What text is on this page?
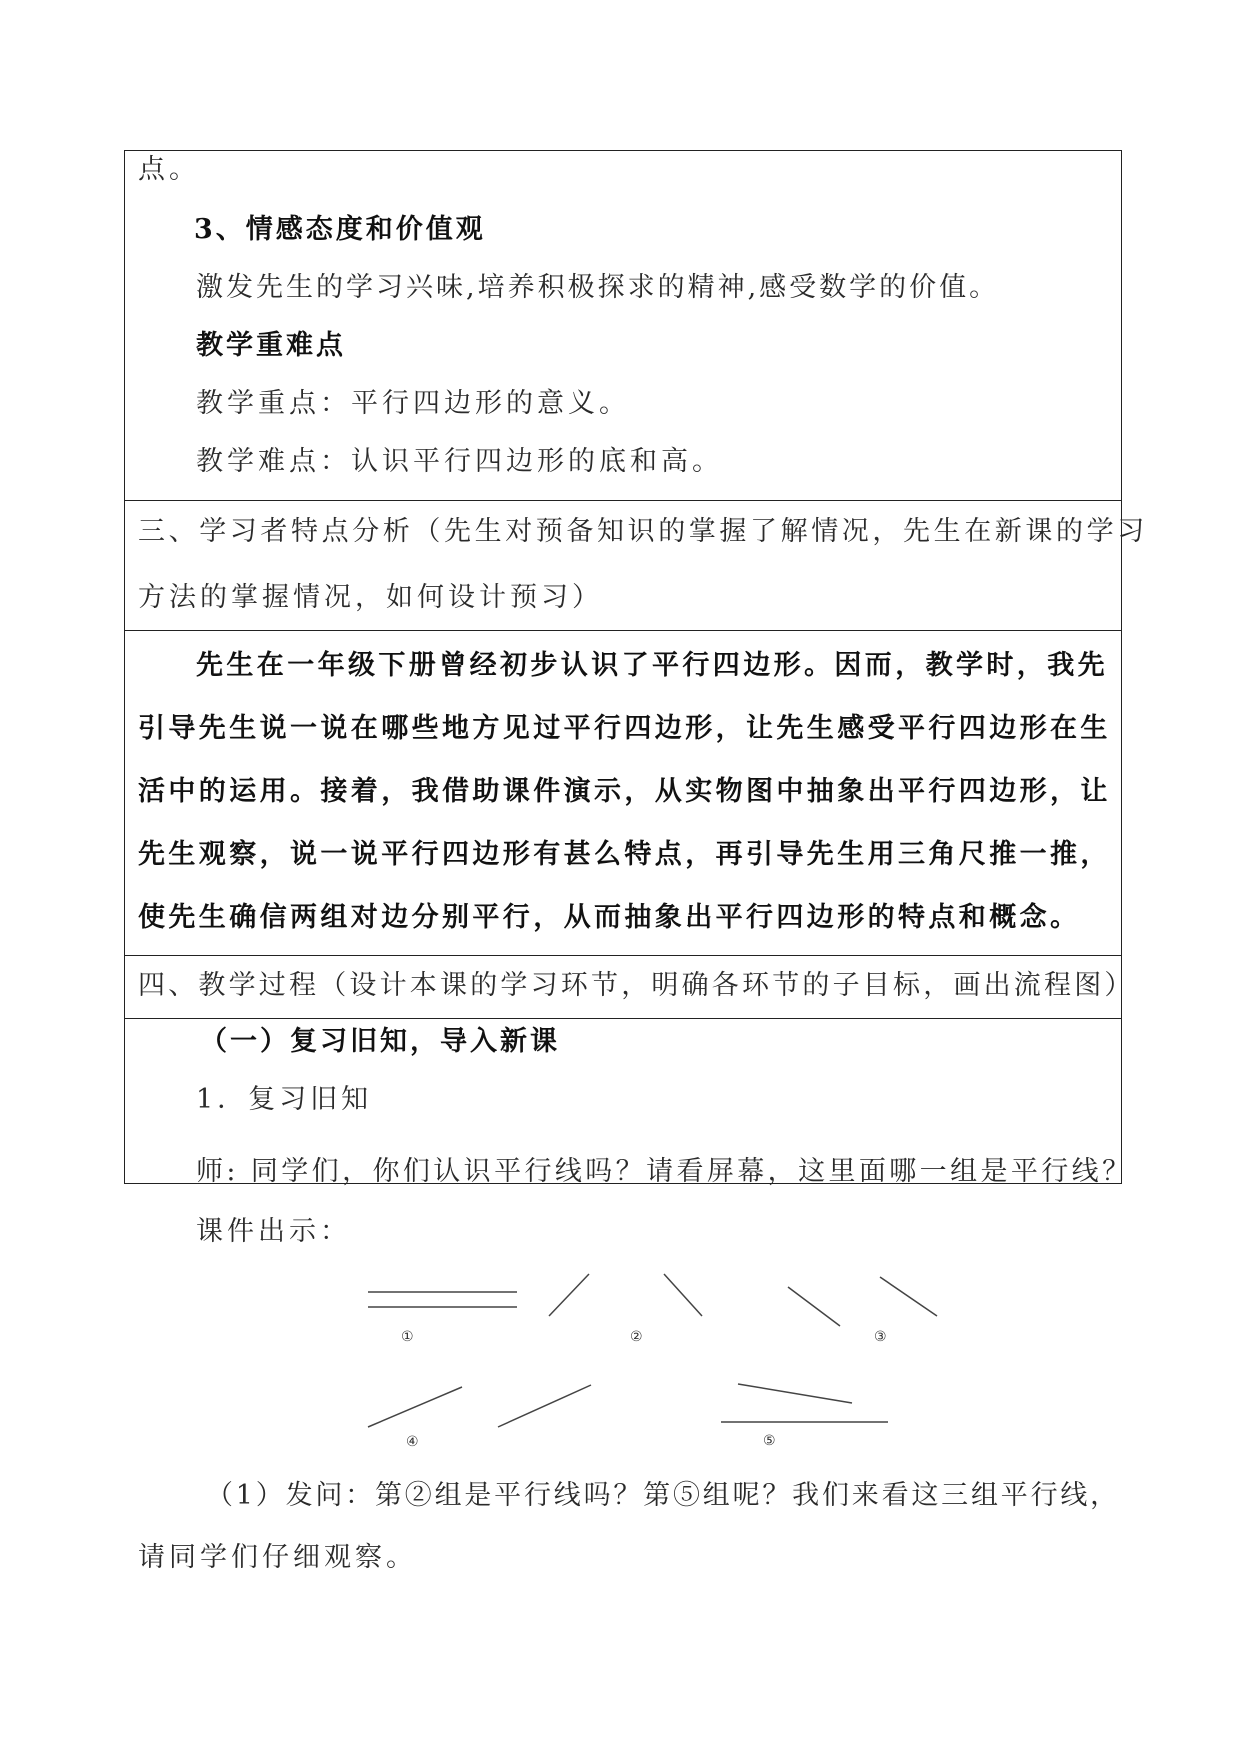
点。
3、情感态度和价值观
激发先生的学习兴味,培养积极探求的精神,感受数学的价值。
教学重难点
教学重点：平行四边形的意义。
教学难点：认识平行四边形的底和高。
三、学习者特点分析（先生对预备知识的掌握了解情况，先生在新课的学习
方法的掌握情况，如何设计预习）
先生在一年级下册曾经初步认识了平行四边形。因而，教学时，我先
引导先生说一说在哪些地方见过平行四边形，让先生感受平行四边形在生
活中的运用。接着，我借助课件演示，从实物图中抽象出平行四边形，让
先生观察，说一说平行四边形有甚么特点，再引导先生用三角尺推一推，
使先生确信两组对边分别平行，从而抽象出平行四边形的特点和概念。
四、教学过程（设计本课的学习环节，明确各环节的子目标，画出流程图）
（一）复习旧知，导入新课
1．复习旧知
师: 同学们，你们认识平行线吗？请看屏幕，这里面哪一组是平行线？
课件出示：
①	②	③
④	⑤
（1）发问：第②组是平行线吗？第⑤组呢？我们来看这三组平行线，
请同学们仔细观察。
